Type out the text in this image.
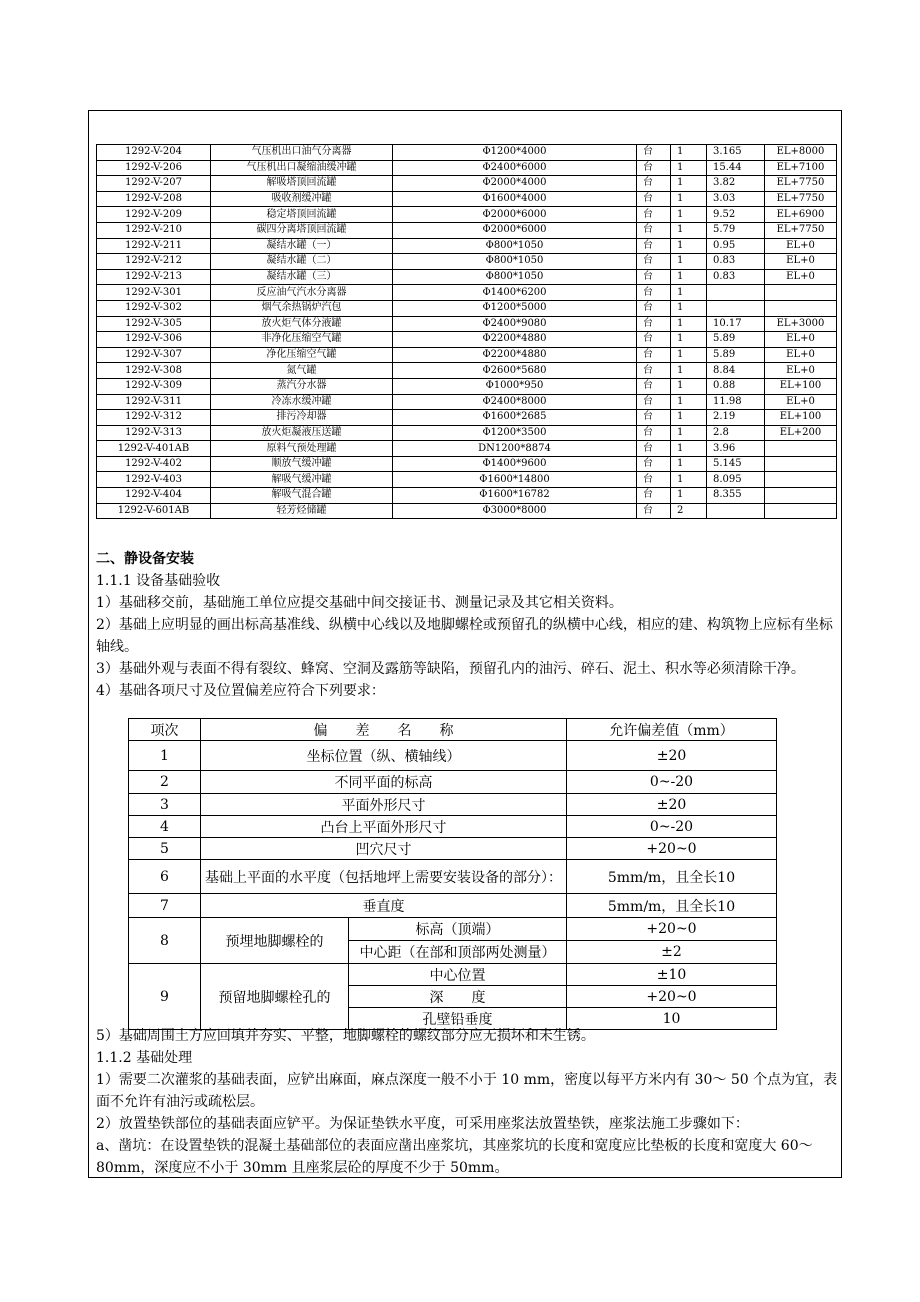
1292-V-204	气压机出口油气分离器	Φ1200*4000	台	1	3.165	EL+8000
1292-V-206	气压机出口凝缩油缓冲罐	Φ2400*6000	台	1	15.44	EL+7100
1292-V-207	解吸塔顶回流罐	Φ2000*4000	台	1	3.82	EL+7750
1292-V-208	吸收剂缓冲罐	Φ1600*4000	台	1	3.03	EL+7750
1292-V-209	稳定塔顶回流罐	Φ2000*6000	台	1	9.52	EL+6900
1292-V-210	碳四分离塔顶回流罐	Φ2000*6000	台	1	5.79	EL+7750
1292-V-211	凝结水罐（一）	Φ800*1050	台	1	0.95	EL+0
1292-V-212	凝结水罐（二）	Φ800*1050	台	1	0.83	EL+0
1292-V-213	凝结水罐（三）	Φ800*1050	台	1	0.83	EL+0
1292-V-301	反应油气汽水分离器	Φ1400*6200	台	1		
1292-V-302	烟气余热锅炉汽包	Φ1200*5000	台	1		
1292-V-305	放火炬气体分液罐	Φ2400*9080	台	1	10.17	EL+3000
1292-V-306	非净化压缩空气罐	Φ2200*4880	台	1	5.89	EL+0
1292-V-307	净化压缩空气罐	Φ2200*4880	台	1	5.89	EL+0
1292-V-308	氮气罐	Φ2600*5680	台	1	8.84	EL+0
1292-V-309	蒸汽分水器	Φ1000*950	台	1	0.88	EL+100
1292-V-311	冷冻水缓冲罐	Φ2400*8000	台	1	11.98	EL+0
1292-V-312	排污冷却器	Φ1600*2685	台	1	2.19	EL+100
1292-V-313	放火炬凝液压送罐	Φ1200*3500	台	1	2.8	EL+200
1292-V-401AB	原料气预处理罐	DN1200*8874	台	1	3.96	
1292-V-402	顺放气缓冲罐	Φ1400*9600	台	1	5.145	
1292-V-403	解吸气缓冲罐	Φ1600*14800	台	1	8.095	
1292-V-404	解吸气混合罐	Φ1600*16782	台	1	8.355	
1292-V-601AB	轻芳烃储罐	Φ3000*8000	台	2		

二、静设备安装

1.1.1 设备基础验收

1）基础移交前，基础施工单位应提交基础中间交接证书、测量记录及其它相关资料。

2）基础上应明显的画出标高基准线、纵横中心线以及地脚螺栓或预留孔的纵横中心线，相应的建、构筑物上应标有坐标轴线。

3）基础外观与表面不得有裂纹、蜂窝、空洞及露筋等缺陷，预留孔内的油污、碎石、泥土、积水等必须清除干净。

4）基础各项尺寸及位置偏差应符合下列要求：

项次	偏　　差　　名　　称		允许偏差值（mm）
1	坐标位置（纵、横轴线）		±20
2	不同平面的标高		0~-20
3	平面外形尺寸		±20
4	凸台上平面外形尺寸		0~-20
5	凹穴尺寸		+20~0
6	基础上平面的水平度（包括地坪上需要安装设备的部分）：		5mm/m，且全长10
7	垂直度		5mm/m，且全长10
8	预埋地脚螺栓的	标高（顶端）	+20~0
		中心距（在部和顶部两处测量）	±2
9	预留地脚螺栓孔的	中心位置	±10
		深　　度	+20~0
		孔壁铅垂度	10

5）基础周围土方应回填并夯实、平整，地脚螺栓的螺纹部分应无损坏和未生锈。

1.1.2 基础处理

1）需要二次灌浆的基础表面，应铲出麻面，麻点深度一般不小于 10 mm，密度以每平方米内有 30～ 50 个点为宜，表面不允许有油污或疏松层。

2）放置垫铁部位的基础表面应铲平。为保证垫铁水平度，可采用座浆法放置垫铁，座浆法施工步骤如下：

a、凿坑：在设置垫铁的混凝土基础部位的表面应凿出座浆坑，其座浆坑的长度和宽度应比垫板的长度和宽度大 60～80mm，深度应不小于 30mm 且座浆层砼的厚度不少于 50mm。
